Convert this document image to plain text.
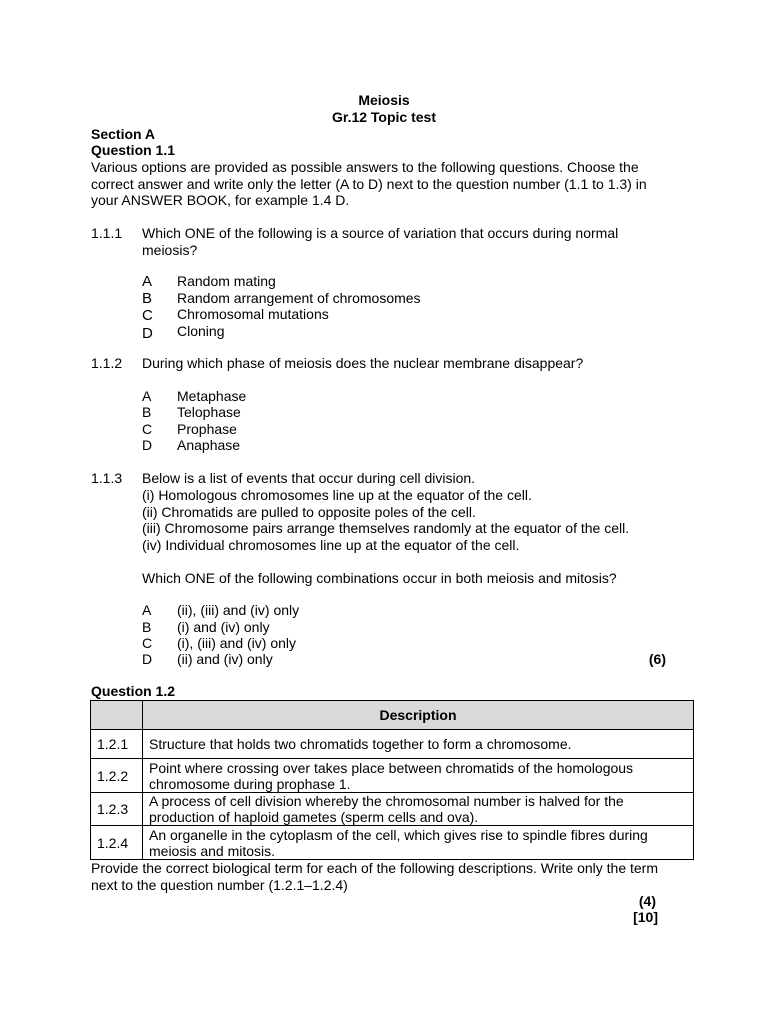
Meiosis
Gr.12 Topic test
Section A
Question 1.1
Various options are provided as possible answers to the following questions. Choose the correct answer and write only the letter (A to D) next to the question number (1.1 to 1.3) in your ANSWER BOOK, for example 1.4 D.
1.1.1 Which ONE of the following is a source of variation that occurs during normal meiosis?
A Random mating
B Random arrangement of chromosomes
C Chromosomal mutations
D Cloning
1.1.2 During which phase of meiosis does the nuclear membrane disappear?
A Metaphase
B Telophase
C Prophase
D Anaphase
1.1.3 Below is a list of events that occur during cell division.
(i) Homologous chromosomes line up at the equator of the cell.
(ii) Chromatids are pulled to opposite poles of the cell.
(iii) Chromosome pairs arrange themselves randomly at the equator of the cell.
(iv) Individual chromosomes line up at the equator of the cell.
Which ONE of the following combinations occur in both meiosis and mitosis?
A (ii), (iii) and (iv) only
B (i) and (iv) only
C (i), (iii) and (iv) only
D (ii) and (iv) only	(6)
Question 1.2
	Description
1.2.1	Structure that holds two chromatids together to form a chromosome.
1.2.2	Point where crossing over takes place between chromatids of the homologous chromosome during prophase 1.
1.2.3	A process of cell division whereby the chromosomal number is halved for the production of haploid gametes (sperm cells and ova).
1.2.4	An organelle in the cytoplasm of the cell, which gives rise to spindle fibres during meiosis and mitosis.
Provide the correct biological term for each of the following descriptions. Write only the term next to the question number (1.2.1–1.2.4)
(4)
[10]
